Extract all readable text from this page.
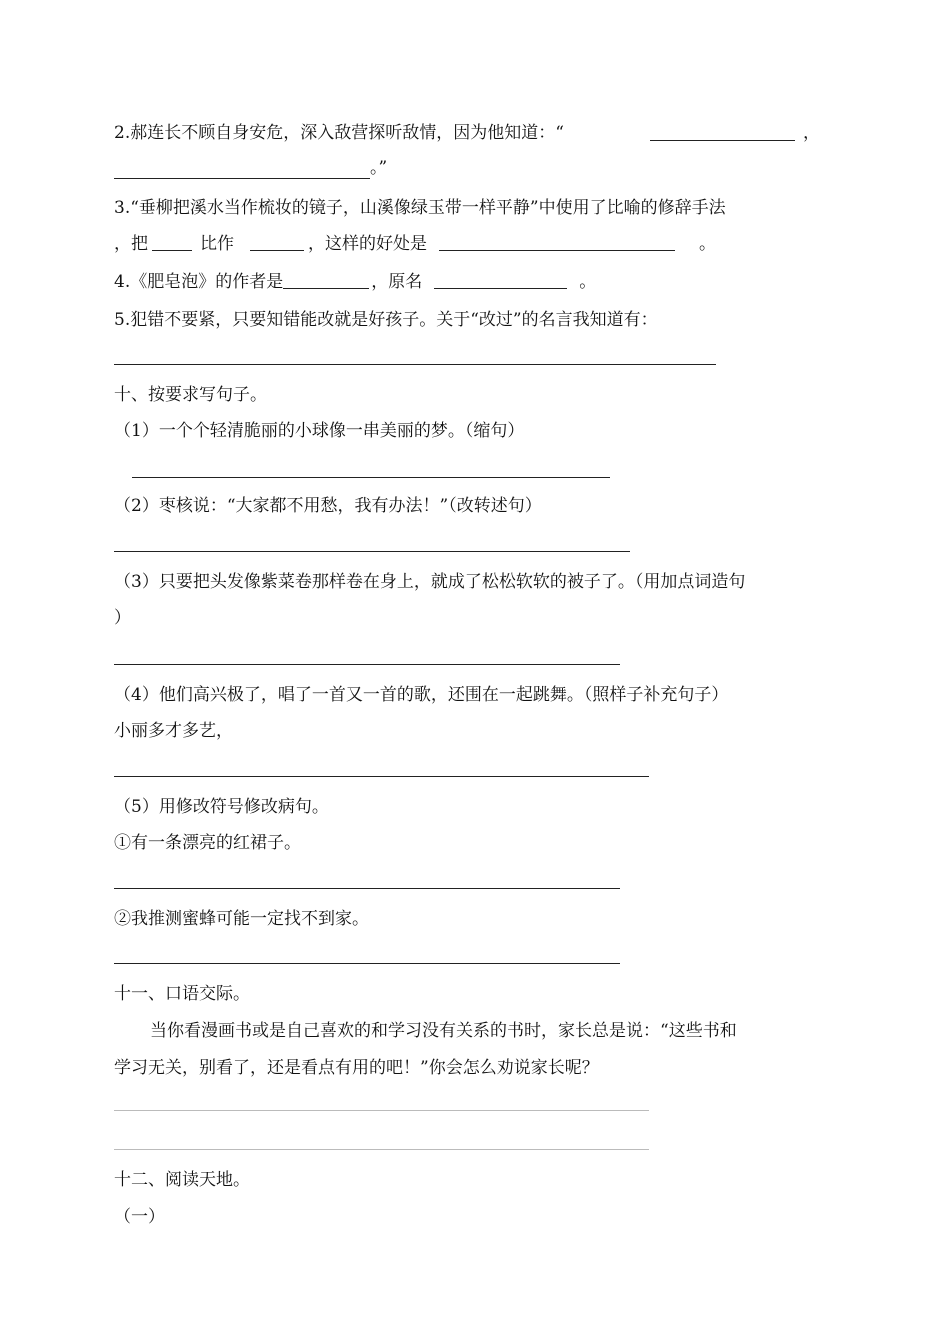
2.郝连长不顾自身安危，深入敌营探听敌情，因为他知道：“	，
。”
3.“垂柳把溪水当作梳妆的镜子，山溪像绿玉带一样平静”中使用了比喻的修辞手法
，把	比作	，这样的好处是	。
4.《肥皂泡》的作者是	，原名	。
5.犯错不要紧，只要知错能改就是好孩子。关于“改过”的名言我知道有：
十、按要求写句子。
（1）一个个轻清脆丽的小球像一串美丽的梦。（缩句）
（2）枣核说：“大家都不用愁，我有办法！”（改转述句）
（3）只要把头发像紫菜卷那样卷在身上，就成了松松软软的被子了。（用加点词造句
）
（4）他们高兴极了，唱了一首又一首的歌，还围在一起跳舞。（照样子补充句子）
小丽多才多艺，
（5）用修改符号修改病句。
①有一条漂亮的红裙子。
②我推测蜜蜂可能一定找不到家。
十一、口语交际。
当你看漫画书或是自己喜欢的和学习没有关系的书时，家长总是说：“这些书和
学习无关，别看了，还是看点有用的吧！”你会怎么劝说家长呢？
十二、阅读天地。
（一）
